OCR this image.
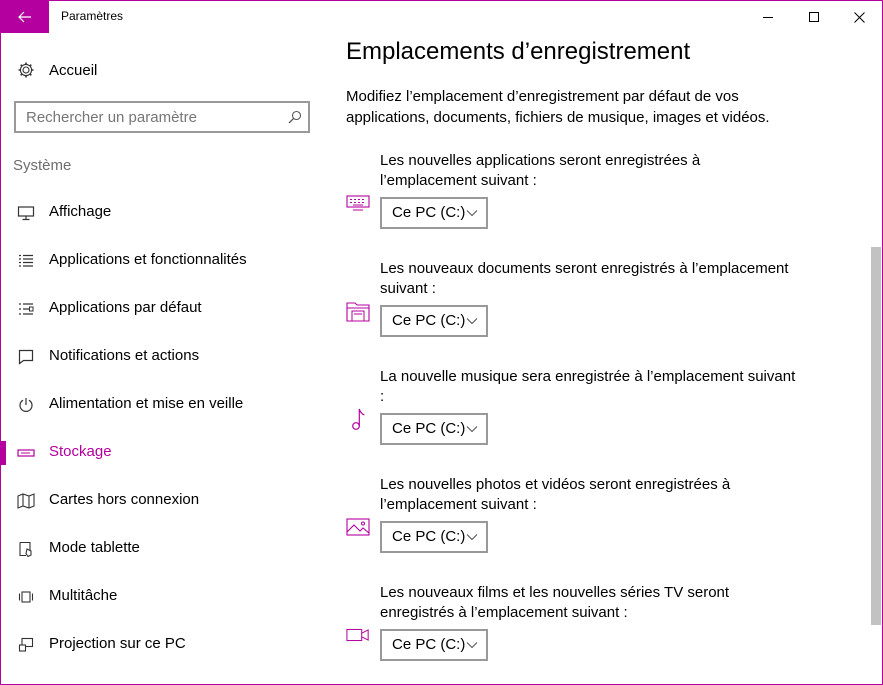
Paramètres
Accueil
Rechercher un paramètre
Système
Affichage
Applications et fonctionnalités
Applications par défaut
Notifications et actions
Alimentation et mise en veille
Stockage
Cartes hors connexion
Mode tablette
Multitâche
Projection sur ce PC
Emplacements d’enregistrement
Modifiez l’emplacement d’enregistrement par défaut de vos applications, documents, fichiers de musique, images et vidéos.
Les nouvelles applications seront enregistrées à l’emplacement suivant :
Ce PC (C:)
Les nouveaux documents seront enregistrés à l’emplacement suivant :
Ce PC (C:)
La nouvelle musique sera enregistrée à l’emplacement suivant :
Ce PC (C:)
Les nouvelles photos et vidéos seront enregistrées à l’emplacement suivant :
Ce PC (C:)
Les nouveaux films et les nouvelles séries TV seront enregistrés à l’emplacement suivant :
Ce PC (C:)
